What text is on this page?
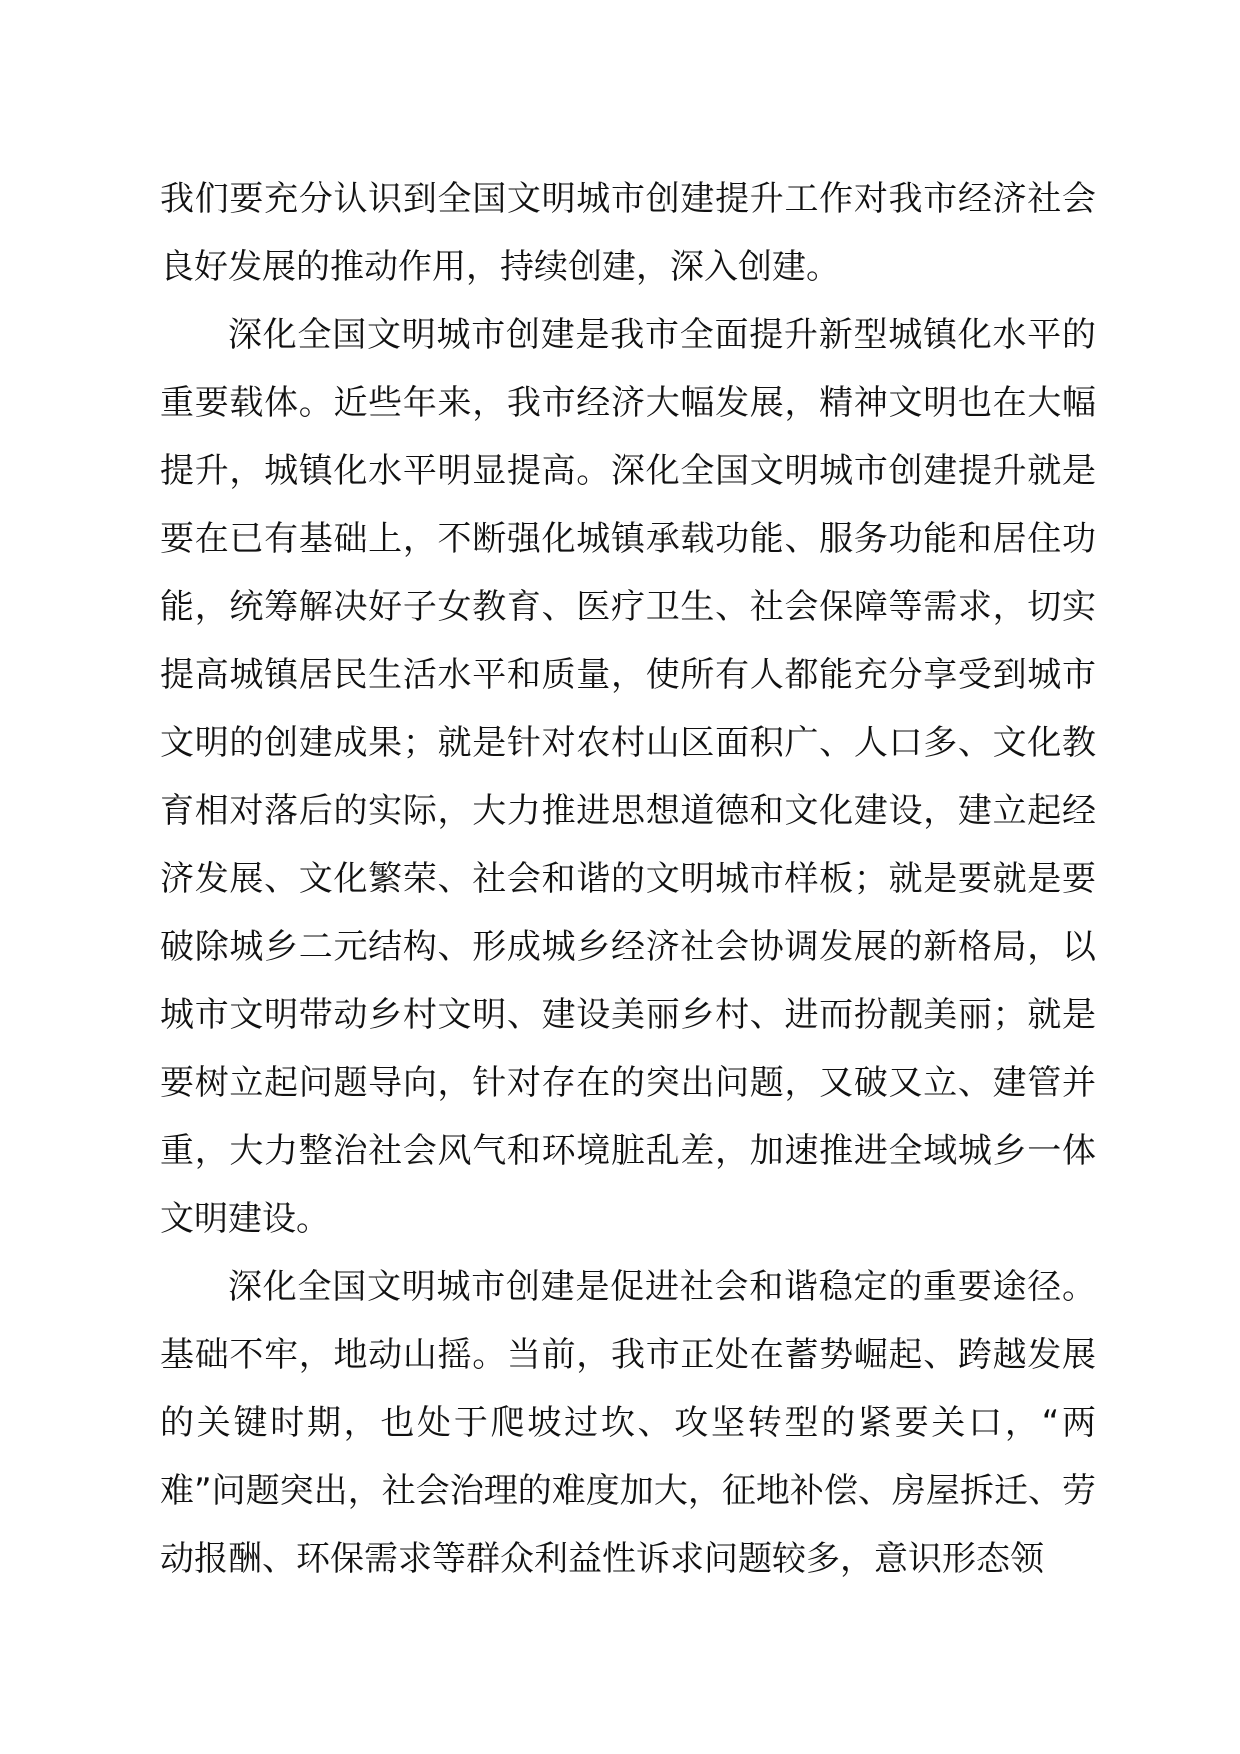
我们要充分认识到全国文明城市创建提升工作对我市经济社会良好发展的推动作用，持续创建，深入创建。

深化全国文明城市创建是我市全面提升新型城镇化水平的重要载体。近些年来，我市经济大幅发展，精神文明也在大幅提升，城镇化水平明显提高。深化全国文明城市创建提升就是要在已有基础上，不断强化城镇承载功能、服务功能和居住功能，统筹解决好子女教育、医疗卫生、社会保障等需求，切实提高城镇居民生活水平和质量，使所有人都能充分享受到城市文明的创建成果；就是针对农村山区面积广、人口多、文化教育相对落后的实际，大力推进思想道德和文化建设，建立起经济发展、文化繁荣、社会和谐的文明城市样板；就是要就是要破除城乡二元结构、形成城乡经济社会协调发展的新格局，以城市文明带动乡村文明、建设美丽乡村、进而扮靓美丽；就是要树立起问题导向，针对存在的突出问题，又破又立、建管并重，大力整治社会风气和环境脏乱差，加速推进全域城乡一体文明建设。

深化全国文明城市创建是促进社会和谐稳定的重要途径。基础不牢，地动山摇。当前，我市正处在蓄势崛起、跨越发展的关键时期，也处于爬坡过坎、攻坚转型的紧要关口，“两难”问题突出，社会治理的难度加大，征地补偿、房屋拆迁、劳动报酬、环保需求等群众利益性诉求问题较多，意识形态领
